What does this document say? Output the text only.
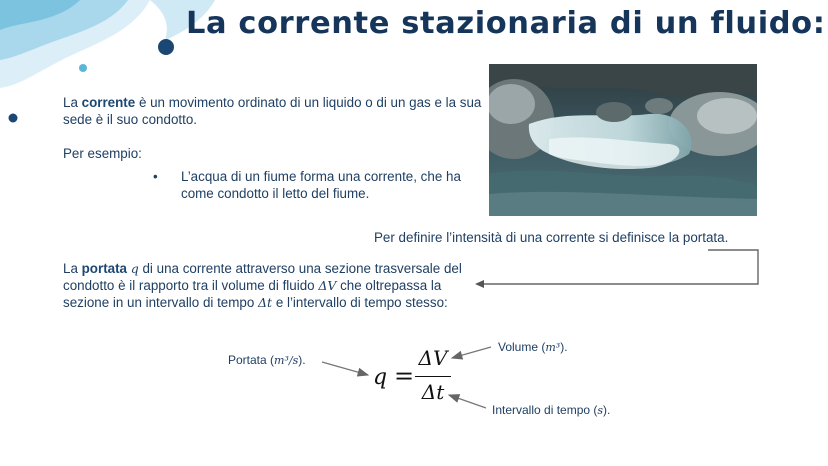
La corrente stazionaria di un fluido:
La corrente è un movimento ordinato di un liquido o di un gas e la sua sede è il suo condotto.
Per esempio:
• L’acqua di un fiume forma una corrente, che ha come condotto il letto del fiume.
Per definire l’intensità di una corrente si definisce la portata.
La portata q di una corrente attraverso una sezione trasversale del condotto è il rapporto tra il volume di fluido ΔV che oltrepassa la sezione in un intervallo di tempo Δt e l’intervallo di tempo stesso:
q =
ΔV
Δt
Portata (m³/s).
Volume (m³).
Intervallo di tempo (s).
